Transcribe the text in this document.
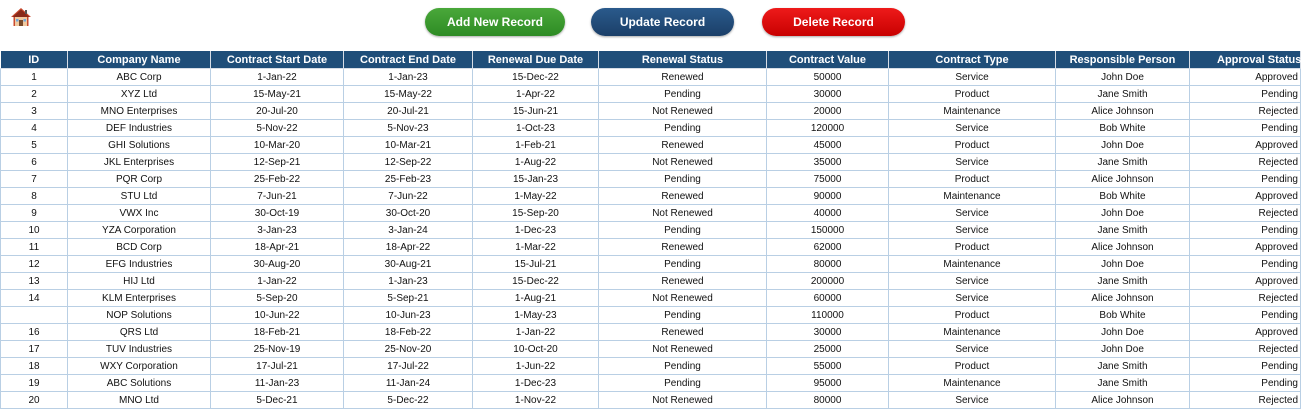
Add New Record	Update Record	Delete Record
ID	Company Name	Contract Start Date	Contract End Date	Renewal Due Date	Renewal Status	Contract Value	Contract Type	Responsible Person	Approval Status
1	ABC Corp	1-Jan-22	1-Jan-23	15-Dec-22	Renewed	50000	Service	John Doe	Approved
2	XYZ Ltd	15-May-21	15-May-22	1-Apr-22	Pending	30000	Product	Jane Smith	Pending
3	MNO Enterprises	20-Jul-20	20-Jul-21	15-Jun-21	Not Renewed	20000	Maintenance	Alice Johnson	Rejected
4	DEF Industries	5-Nov-22	5-Nov-23	1-Oct-23	Pending	120000	Service	Bob White	Pending
5	GHI Solutions	10-Mar-20	10-Mar-21	1-Feb-21	Renewed	45000	Product	John Doe	Approved
6	JKL Enterprises	12-Sep-21	12-Sep-22	1-Aug-22	Not Renewed	35000	Service	Jane Smith	Rejected
7	PQR Corp	25-Feb-22	25-Feb-23	15-Jan-23	Pending	75000	Product	Alice Johnson	Pending
8	STU Ltd	7-Jun-21	7-Jun-22	1-May-22	Renewed	90000	Maintenance	Bob White	Approved
9	VWX Inc	30-Oct-19	30-Oct-20	15-Sep-20	Not Renewed	40000	Service	John Doe	Rejected
10	YZA Corporation	3-Jan-23	3-Jan-24	1-Dec-23	Pending	150000	Service	Jane Smith	Pending
11	BCD Corp	18-Apr-21	18-Apr-22	1-Mar-22	Renewed	62000	Product	Alice Johnson	Approved
12	EFG Industries	30-Aug-20	30-Aug-21	15-Jul-21	Pending	80000	Maintenance	John Doe	Pending
13	HIJ Ltd	1-Jan-22	1-Jan-23	15-Dec-22	Renewed	200000	Service	Jane Smith	Approved
14	KLM Enterprises	5-Sep-20	5-Sep-21	1-Aug-21	Not Renewed	60000	Service	Alice Johnson	Rejected
	NOP Solutions	10-Jun-22	10-Jun-23	1-May-23	Pending	110000	Product	Bob White	Pending
16	QRS Ltd	18-Feb-21	18-Feb-22	1-Jan-22	Renewed	30000	Maintenance	John Doe	Approved
17	TUV Industries	25-Nov-19	25-Nov-20	10-Oct-20	Not Renewed	25000	Service	John Doe	Rejected
18	WXY Corporation	17-Jul-21	17-Jul-22	1-Jun-22	Pending	55000	Product	Jane Smith	Pending
19	ABC Solutions	11-Jan-23	11-Jan-24	1-Dec-23	Pending	95000	Maintenance	Jane Smith	Pending
20	MNO Ltd	5-Dec-21	5-Dec-22	1-Nov-22	Not Renewed	80000	Service	Alice Johnson	Rejected
